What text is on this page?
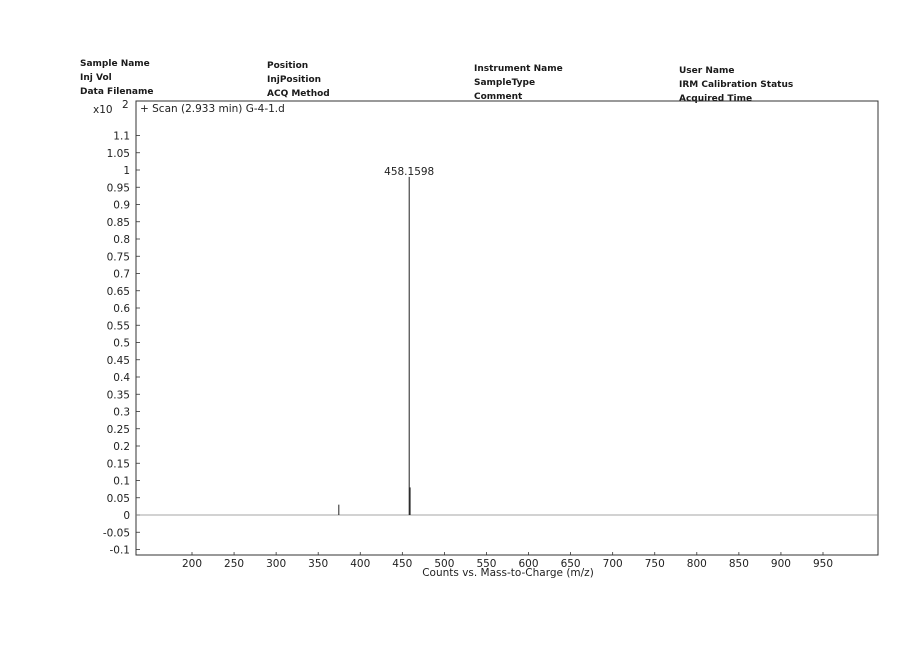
Sample Name
Inj Vol
Data Filename
Position
InjPosition
ACQ Method
Instrument Name
SampleType
Comment
User Name
IRM Calibration Status
Acquired Time
-0.1
-0.05
0
0.05
0.1
0.15
0.2
0.25
0.3
0.35
0.4
0.45
0.5
0.55
0.6
0.65
0.7
0.75
0.8
0.85
0.9
0.95
1
1.05
1.1
200 250 300 350 400 450 500 550 600 650 700 750 800 850 900 950
458.1598
x10 2 + Scan (2.933 min) G-4-1.d
Counts vs. Mass-to-Charge (m/z)
